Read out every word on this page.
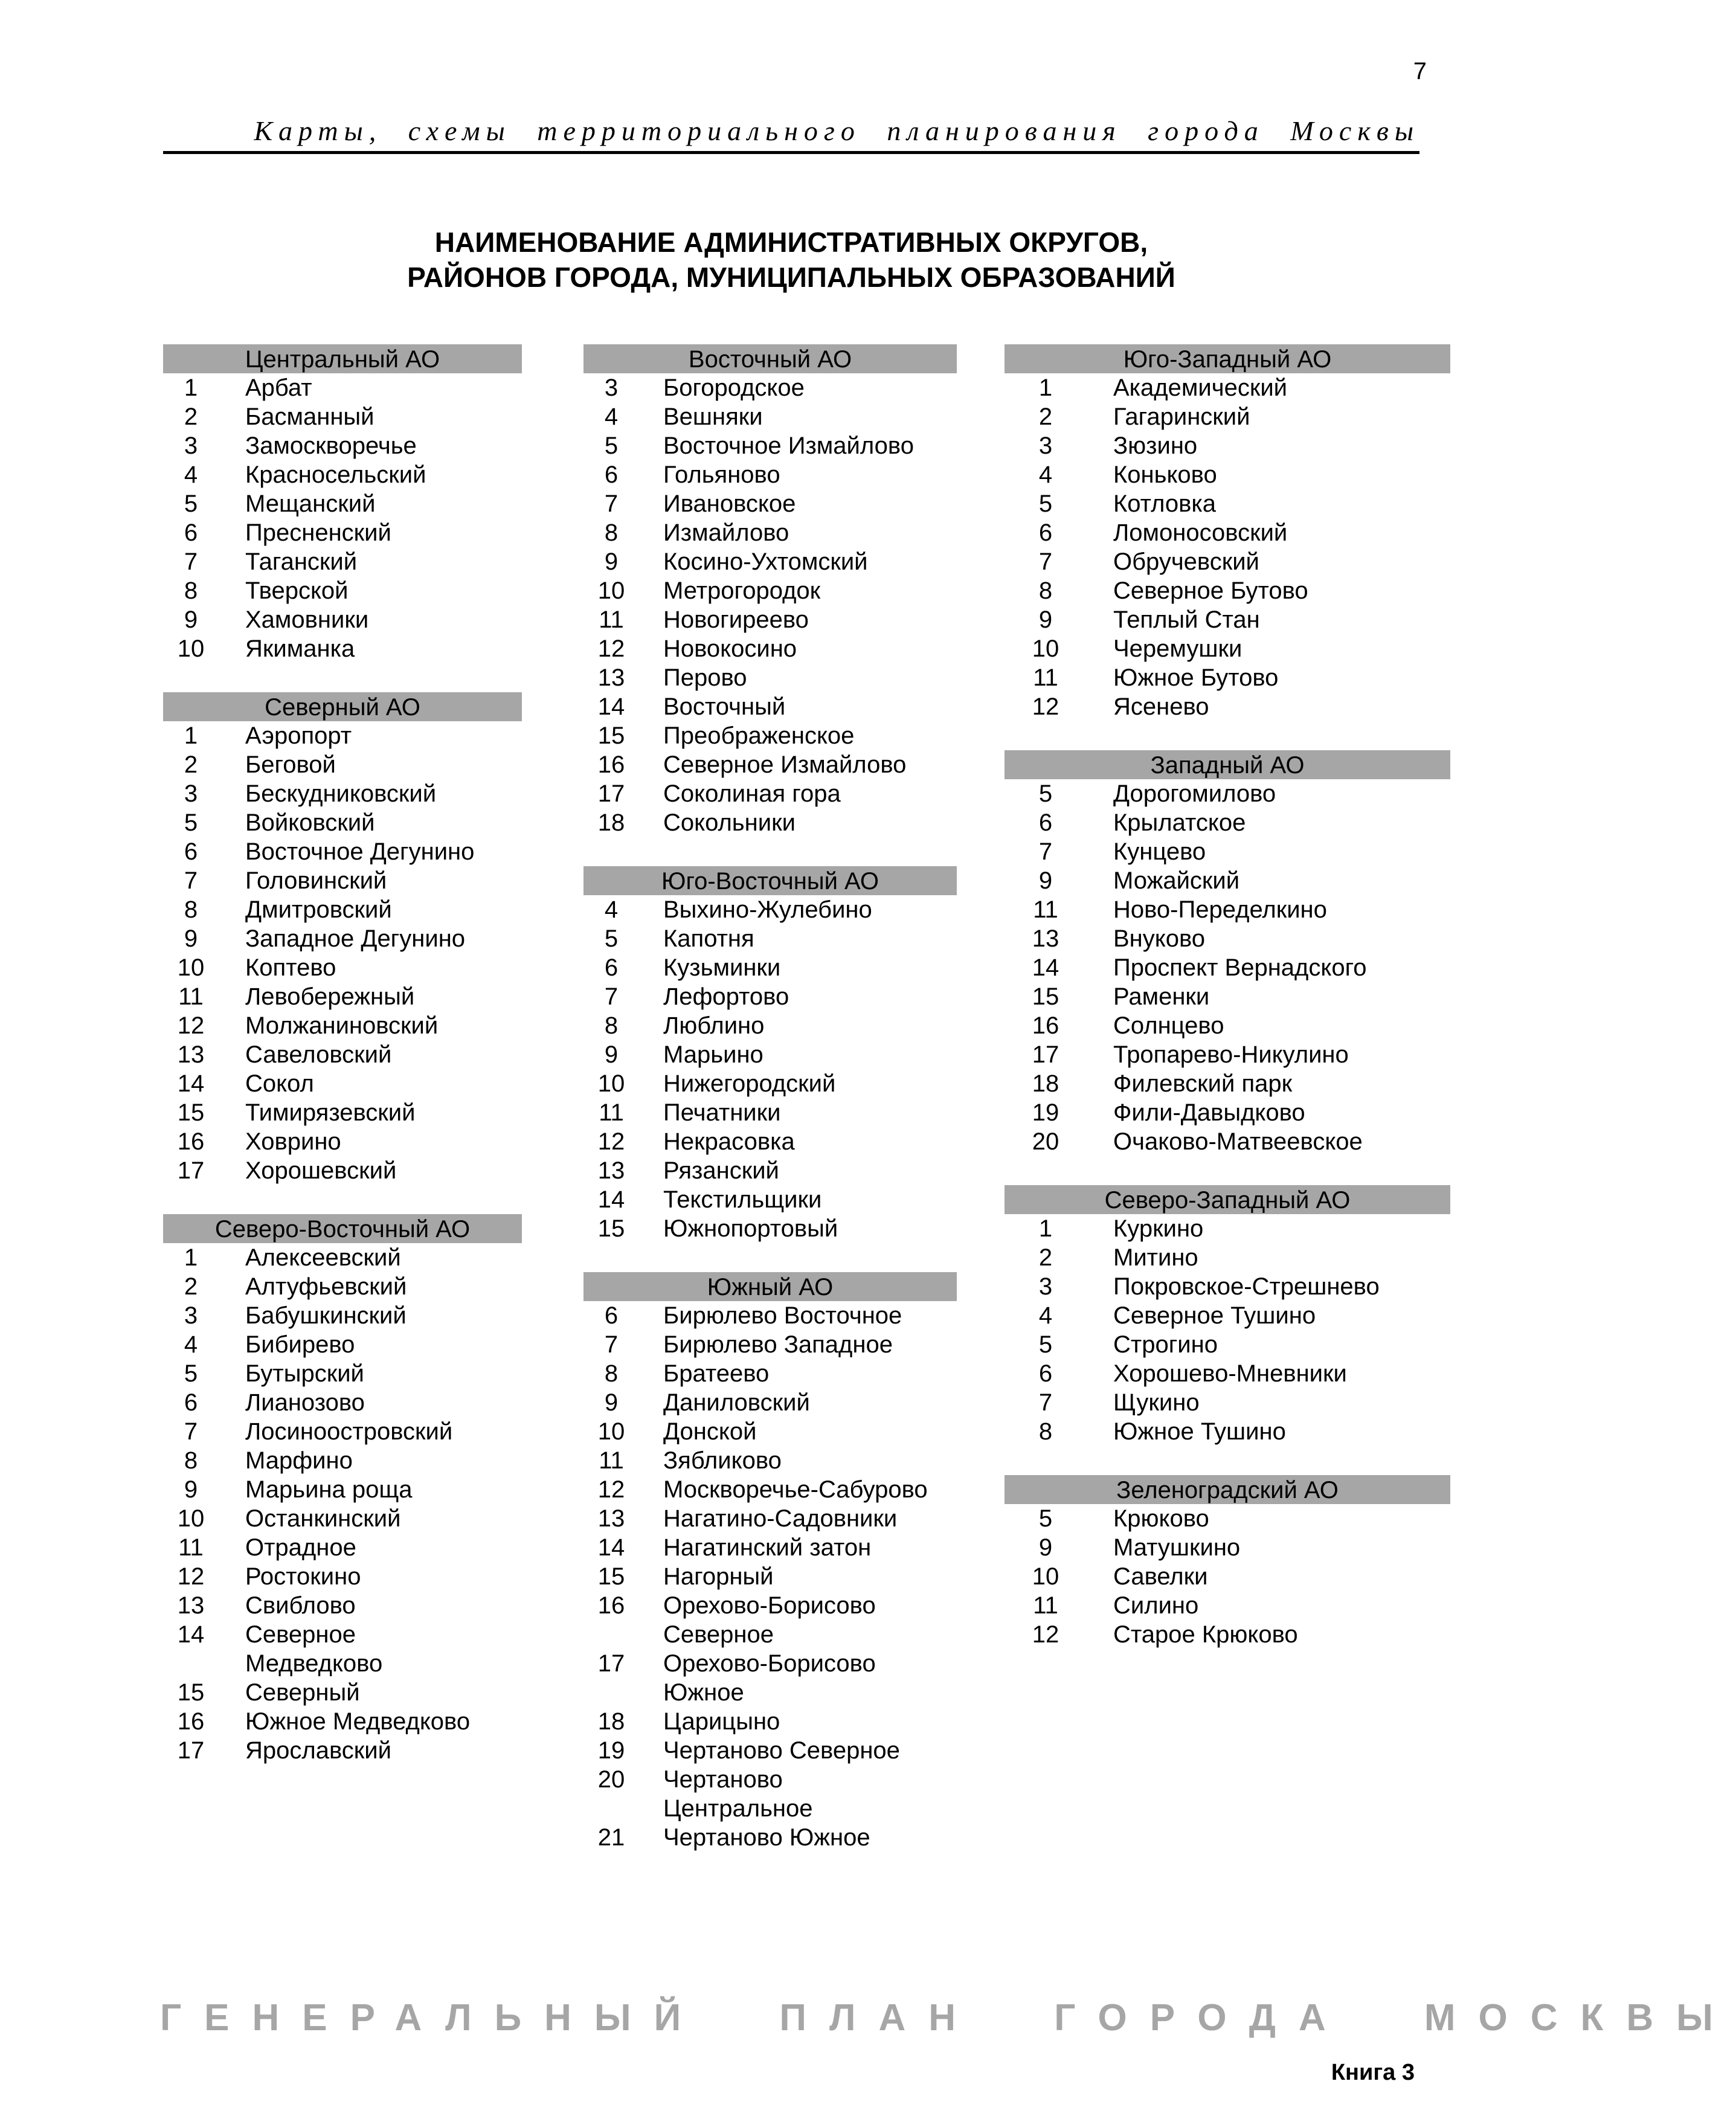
7
Карты, схемы территориального планирования города Москвы
НАИМЕНОВАНИЕ АДМИНИСТРАТИВНЫХ ОКРУГОВ,
РАЙОНОВ ГОРОДА, МУНИЦИПАЛЬНЫХ ОБРАЗОВАНИЙ
Центральный АО
1	Арбат
2	Басманный
3	Замоскворечье
4	Красносельский
5	Мещанский
6	Пресненский
7	Таганский
8	Тверской
9	Хамовники
10	Якиманка
Северный АО
1	Аэропорт
2	Беговой
3	Бескудниковский
5	Войковский
6	Восточное Дегунино
7	Головинский
8	Дмитровский
9	Западное Дегунино
10	Коптево
11	Левобережный
12	Молжаниновский
13	Савеловский
14	Сокол
15	Тимирязевский
16	Ховрино
17	Хорошевский
Северо-Восточный АО
1	Алексеевский
2	Алтуфьевский
3	Бабушкинский
4	Бибирево
5	Бутырский
6	Лианозово
7	Лосиноостровский
8	Марфино
9	Марьина роща
10	Останкинский
11	Отрадное
12	Ростокино
13	Свиблово
14	Северное
Медведково
15	Северный
16	Южное Медведково
17	Ярославский
Восточный АО
3	Богородское
4	Вешняки
5	Восточное Измайлово
6	Гольяново
7	Ивановское
8	Измайлово
9	Косино-Ухтомский
10	Метрогородок
11	Новогиреево
12	Новокосино
13	Перово
14	Восточный
15	Преображенское
16	Северное Измайлово
17	Соколиная гора
18	Сокольники
Юго-Восточный АО
4	Выхино-Жулебино
5	Капотня
6	Кузьминки
7	Лефортово
8	Люблино
9	Марьино
10	Нижегородский
11	Печатники
12	Некрасовка
13	Рязанский
14	Текстильщики
15	Южнопортовый
Южный АО
6	Бирюлево Восточное
7	Бирюлево Западное
8	Братеево
9	Даниловский
10	Донской
11	Зябликово
12	Москворечье-Сабурово
13	Нагатино-Садовники
14	Нагатинский затон
15	Нагорный
16	Орехово-Борисово
Северное
17	Орехово-Борисово
Южное
18	Царицыно
19	Чертаново Северное
20	Чертаново
Центральное
21	Чертаново Южное
Юго-Западный АО
1	Академический
2	Гагаринский
3	Зюзино
4	Коньково
5	Котловка
6	Ломоносовский
7	Обручевский
8	Северное Бутово
9	Теплый Стан
10	Черемушки
11	Южное Бутово
12	Ясенево
Западный АО
5	Дорогомилово
6	Крылатское
7	Кунцево
9	Можайский
11	Ново-Переделкино
13	Внуково
14	Проспект Вернадского
15	Раменки
16	Солнцево
17	Тропарево-Никулино
18	Филевский парк
19	Фили-Давыдково
20	Очаково-Матвеевское
Северо-Западный АО
1	Куркино
2	Митино
3	Покровское-Стрешнево
4	Северное Тушино
5	Строгино
6	Хорошево-Мневники
7	Щукино
8	Южное Тушино
Зеленоградский АО
5	Крюково
9	Матушкино
10	Савелки
11	Силино
12	Старое Крюково
ГЕНЕРАЛЬНЫЙ ПЛАН ГОРОДА МОСКВЫ
Книга 3
